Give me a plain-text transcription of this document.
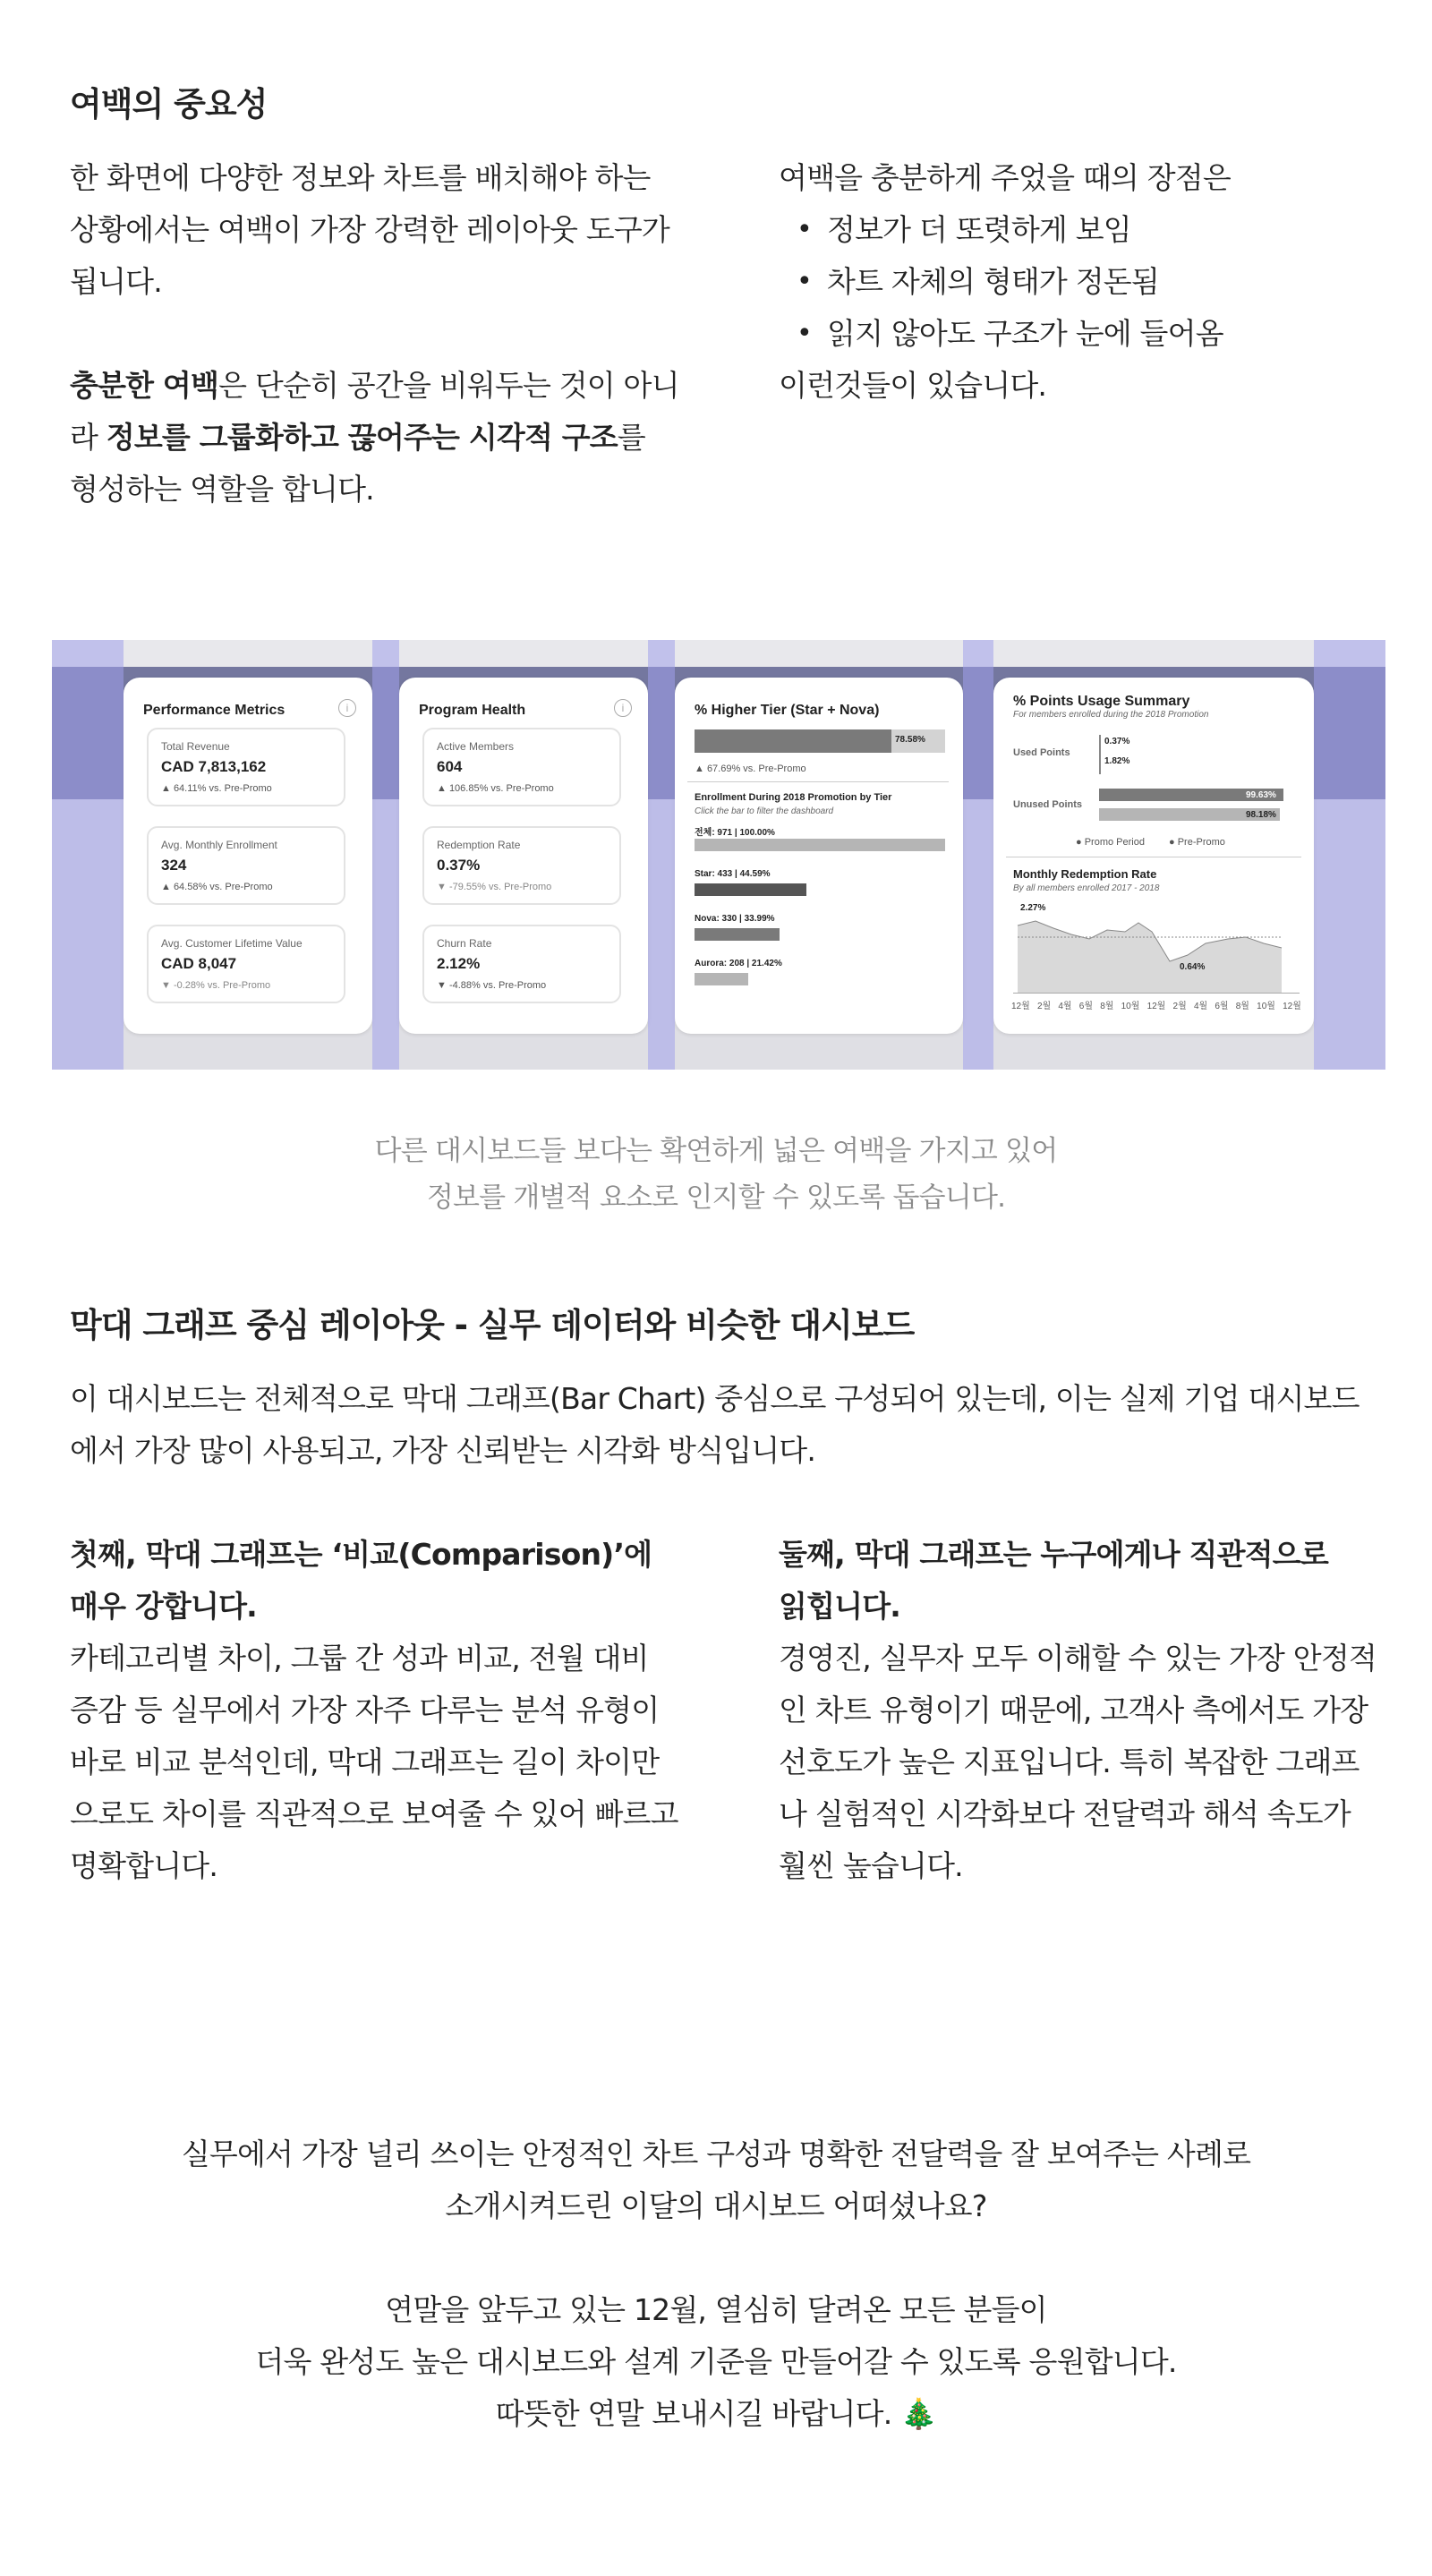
여백의 중요성
한 화면에 다양한 정보와 차트를 배치해야 하는
상황에서는 여백이 가장 강력한 레이아웃 도구가
됩니다.
충분한 여백은 단순히 공간을 비워두는 것이 아니
라 정보를 그룹화하고 끊어주는 시각적 구조를
형성하는 역할을 합니다.
여백을 충분하게 주었을 때의 장점은
• 정보가 더 또렷하게 보임
• 차트 자체의 형태가 정돈됨
• 읽지 않아도 구조가 눈에 들어옴
이런것들이 있습니다.
Performance Metrics	i
Total Revenue
CAD 7,813,162
▲ 64.11% vs. Pre-Promo
Avg. Monthly Enrollment
324
▲ 64.58% vs. Pre-Promo
Avg. Customer Lifetime Value
CAD 8,047
▼ -0.28% vs. Pre-Promo
Program Health	i
Active Members
604
▲ 106.85% vs. Pre-Promo
Redemption Rate
0.37%
▼ -79.55% vs. Pre-Promo
Churn Rate
2.12%
▼ -4.88% vs. Pre-Promo
% Higher Tier (Star + Nova)
78.58%
▲ 67.69% vs. Pre-Promo
Enrollment During 2018 Promotion by Tier
Click the bar to filter the dashboard
전체: 971 | 100.00%
Star: 433 | 44.59%
Nova: 330 | 33.99%
Aurora: 208 | 21.42%
% Points Usage Summary
For members enrolled during the 2018 Promotion
Used Points
0.37%
1.82%
Unused Points
99.63%
98.18%
● Promo Period ● Pre-Promo
Monthly Redemption Rate
By all members enrolled 2017 - 2018
2.27%
0.64%
12월 2월 4월 6월 8월 10월 12월 2월 4월 6월 8월 10월 12월
다른 대시보드들 보다는 확연하게 넓은 여백을 가지고 있어
정보를 개별적 요소로 인지할 수 있도록 돕습니다.
막대 그래프 중심 레이아웃 - 실무 데이터와 비슷한 대시보드
이 대시보드는 전체적으로 막대 그래프(Bar Chart) 중심으로 구성되어 있는데, 이는 실제 기업 대시보드
에서 가장 많이 사용되고, 가장 신뢰받는 시각화 방식입니다.
첫째, 막대 그래프는 ‘비교(Comparison)’에
매우 강합니다.
카테고리별 차이, 그룹 간 성과 비교, 전월 대비
증감 등 실무에서 가장 자주 다루는 분석 유형이
바로 비교 분석인데, 막대 그래프는 길이 차이만
으로도 차이를 직관적으로 보여줄 수 있어 빠르고
명확합니다.
둘째, 막대 그래프는 누구에게나 직관적으로
읽힙니다.
경영진, 실무자 모두 이해할 수 있는 가장 안정적
인 차트 유형이기 때문에, 고객사 측에서도 가장
선호도가 높은 지표입니다. 특히 복잡한 그래프
나 실험적인 시각화보다 전달력과 해석 속도가
훨씬 높습니다.
실무에서 가장 널리 쓰이는 안정적인 차트 구성과 명확한 전달력을 잘 보여주는 사례로
소개시켜드린 이달의 대시보드 어떠셨나요?
연말을 앞두고 있는 12월, 열심히 달려온 모든 분들이
더욱 완성도 높은 대시보드와 설계 기준을 만들어갈 수 있도록 응원합니다.
따뜻한 연말 보내시길 바랍니다. 🎄
